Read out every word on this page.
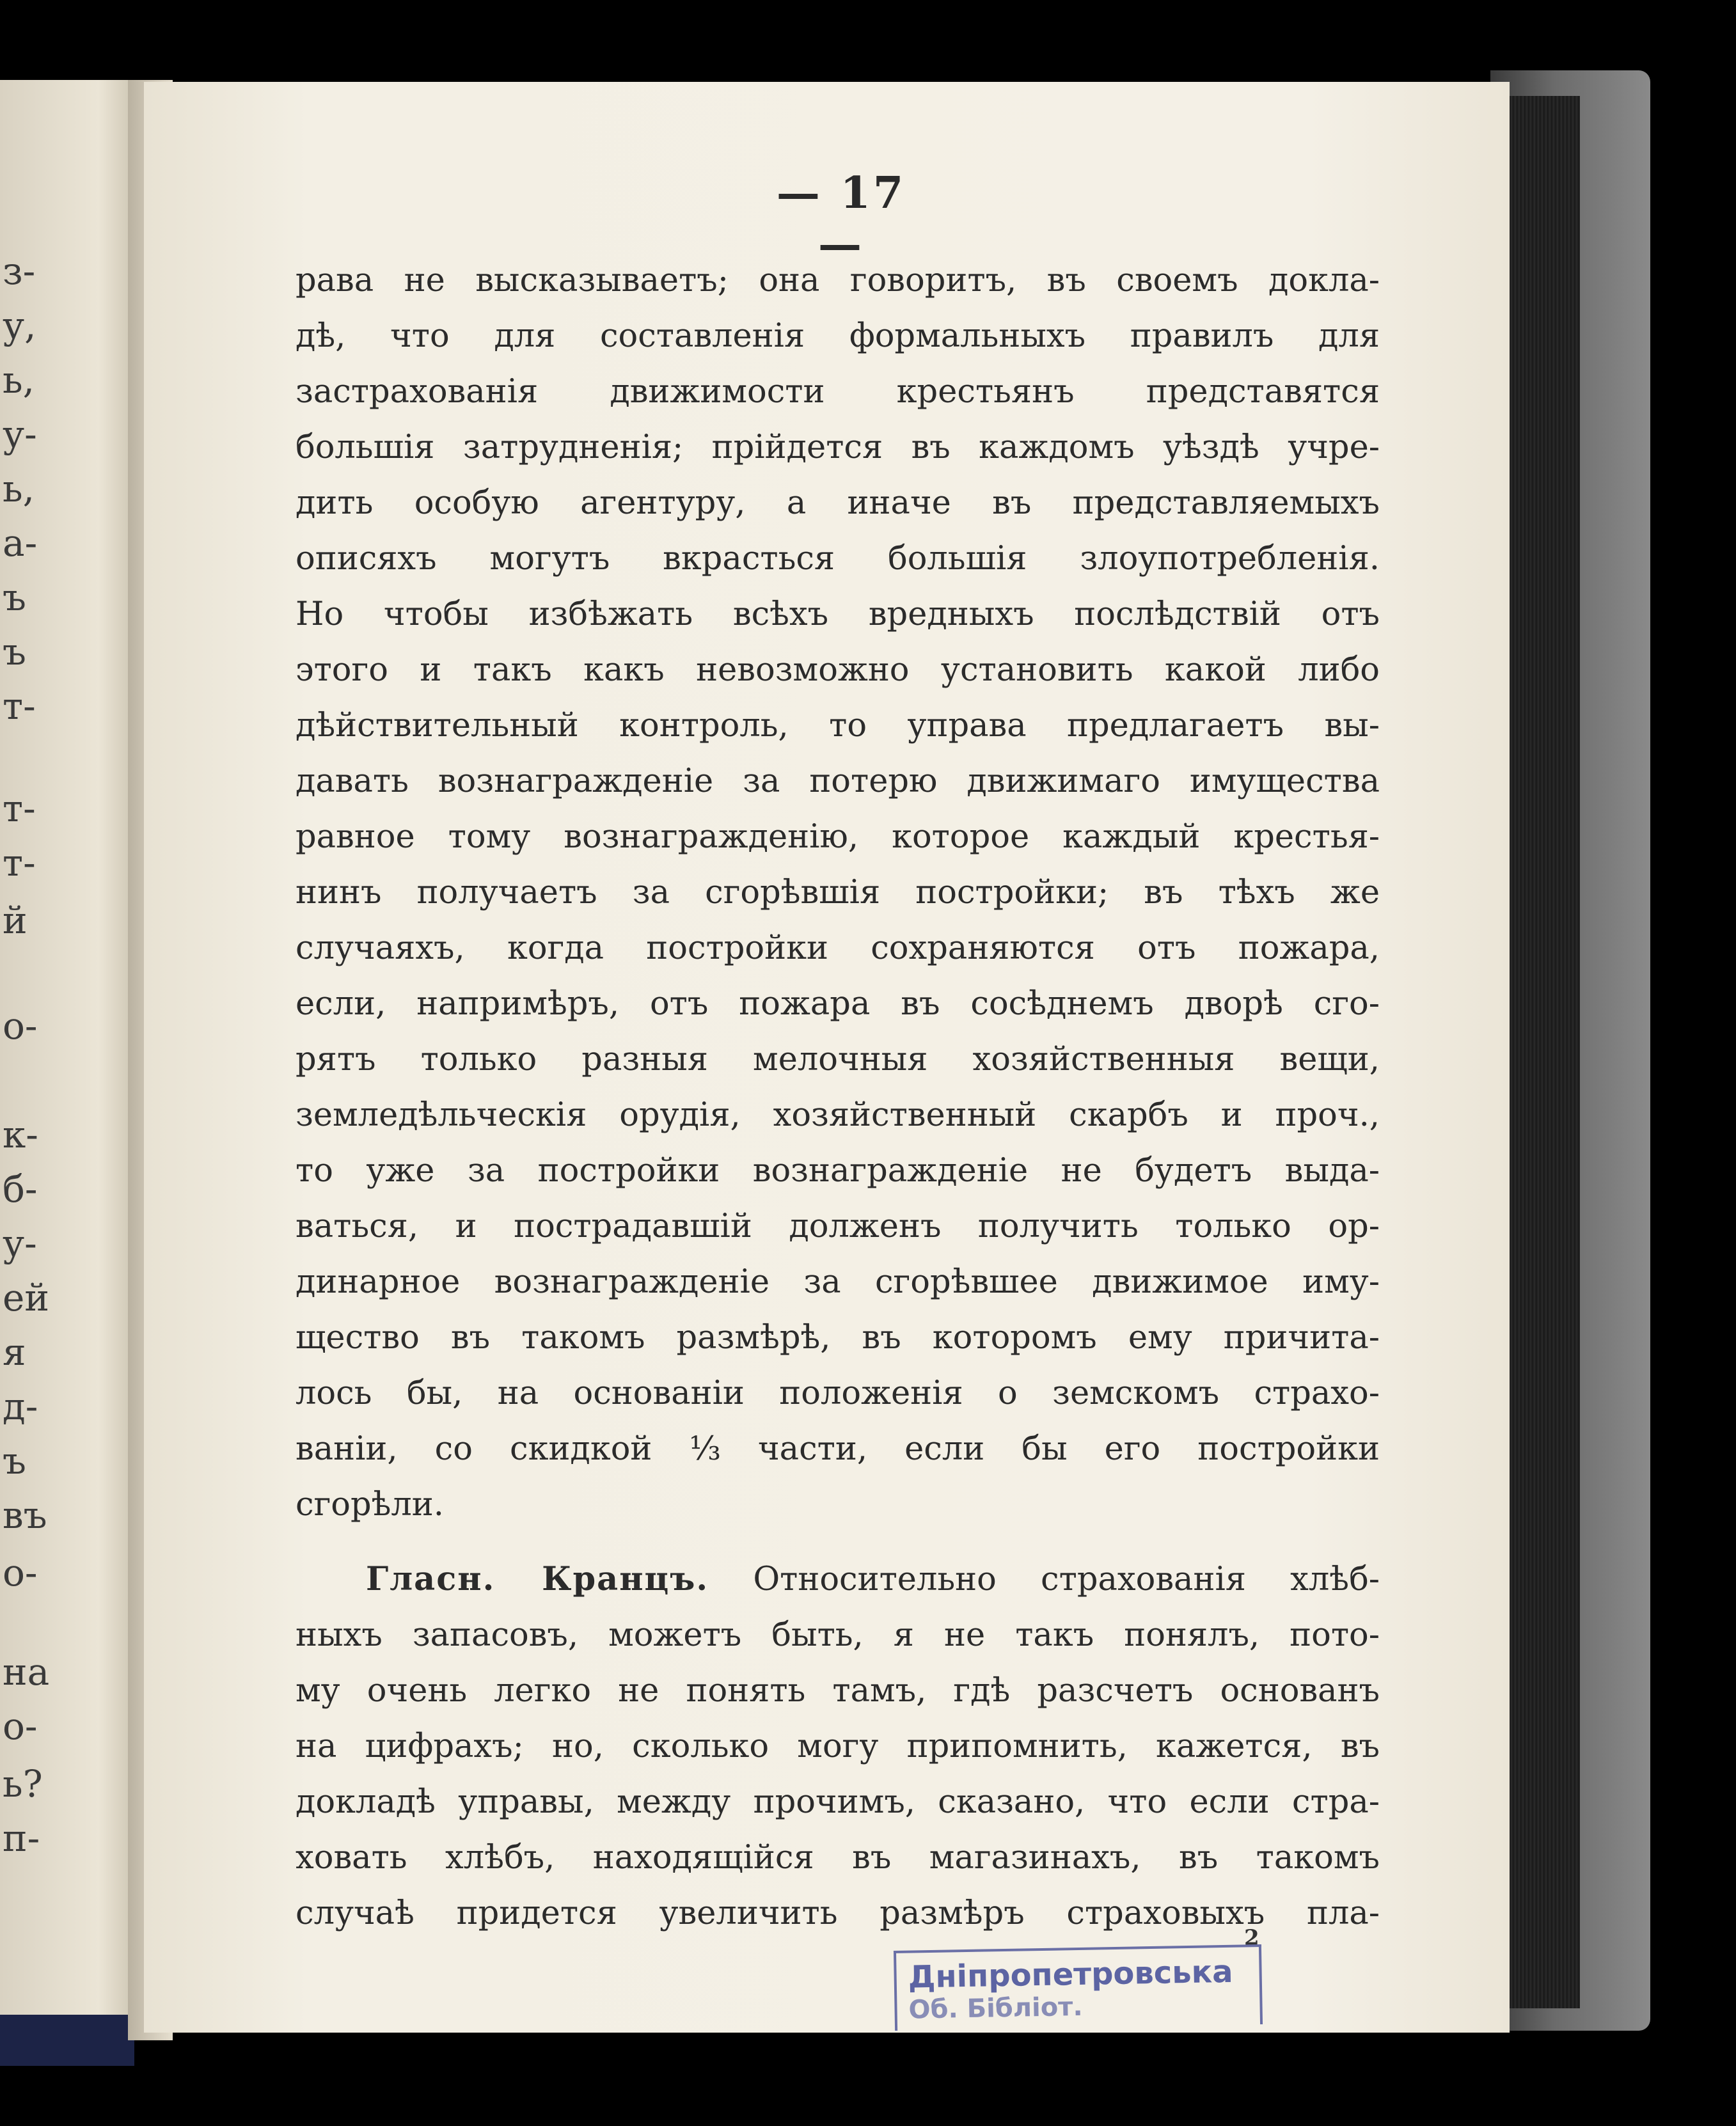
з-
у,
ь,
у-
ь,
а-
ъ
ъ
т-
т-
т-
й
о-
к-
б-
у-
ей
я
д-
ъ
въ
о-
на
о-
ь?
п-
— 17 —
рава не высказываетъ; она говоритъ, въ своемъ докла-
дѣ, что для составленія формальныхъ правилъ для
застрахованія движимости крестьянъ представятся
большія затрудненія; прійдется въ каждомъ уѣздѣ учре-
дить особую агентуру, а иначе въ представляемыхъ
описяхъ могутъ вкрасться большія злоупотребленія.
Но чтобы избѣжать всѣхъ вредныхъ послѣдствій отъ
этого и такъ какъ невозможно установить какой либо
дѣйствительный контроль, то управа предлагаетъ вы-
давать вознагражденіе за потерю движимаго имущества
равное тому вознагражденію, которое каждый крестья-
нинъ получаетъ за сгорѣвшія постройки; въ тѣхъ же
случаяхъ, когда постройки сохраняются отъ пожара,
если, напримѣръ, отъ пожара въ сосѣднемъ дворѣ сго-
рятъ только разныя мелочныя хозяйственныя вещи,
земледѣльческія орудія, хозяйственный скарбъ и проч.,
то уже за постройки вознагражденіе не будетъ выда-
ваться, и пострадавшій долженъ получить только ор-
динарное вознагражденіе за сгорѣвшее движимое иму-
щество въ такомъ размѣрѣ, въ которомъ ему причита-
лось бы, на основаніи положенія о земскомъ страхо-
ваніи, со скидкой ⅓ части, если бы его постройки
сгорѣли.
Гласн. Кранцъ. Относительно страхованія хлѣб-
ныхъ запасовъ, можетъ быть, я не такъ понялъ, пото-
му очень легко не понять тамъ, гдѣ разсчетъ основанъ
на цифрахъ; но, сколько могу припомнить, кажется, въ
докладѣ управы, между прочимъ, сказано, что если стра-
ховать хлѣбъ, находящійся въ магазинахъ, въ такомъ
случаѣ придется увеличить размѣръ страховыхъ пла-
2
Днiпропетровська
Об. Бiблiот.
